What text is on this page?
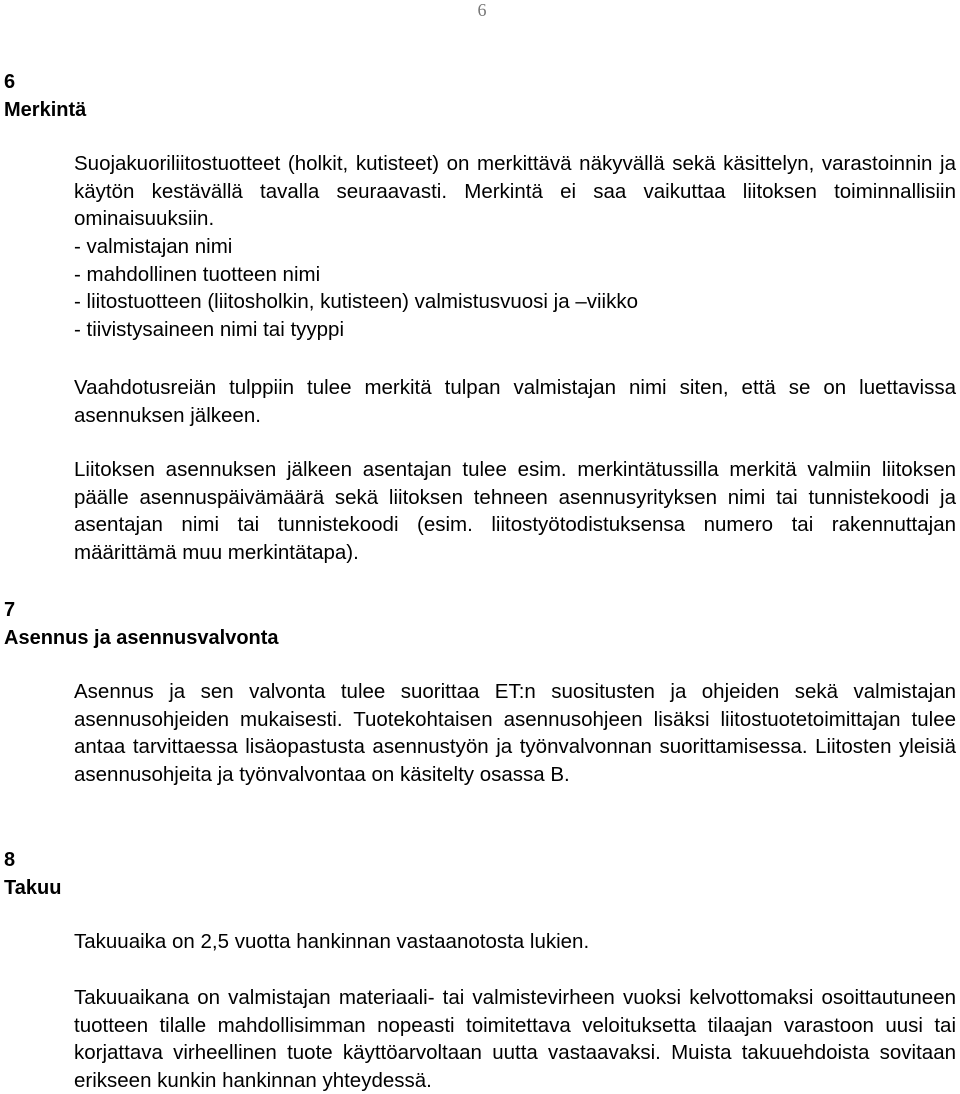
6
6
Merkintä

Suojakuoriliitostuotteet (holkit, kutisteet) on merkittävä näkyvällä sekä käsittelyn, varastoinnin ja käytön kestävällä tavalla seuraavasti. Merkintä ei saa vaikuttaa liitoksen toiminnallisiin ominaisuuksiin.

- valmistajan nimi
- mahdollinen tuotteen nimi
- liitostuotteen (liitosholkin, kutisteen) valmistusvuosi ja –viikko
- tiivistysaineen nimi tai tyyppi

Vaahdotusreiän tulppiin tulee merkitä tulpan valmistajan nimi siten, että se on luettavissa asennuksen jälkeen.

Liitoksen asennuksen jälkeen asentajan tulee esim. merkintätussilla merkitä valmiin liitoksen päälle asennuspäivämäärä sekä liitoksen tehneen asennusyrityksen nimi tai tunnistekoodi ja asentajan nimi tai tunnistekoodi (esim. liitostyötodistuksensa numero tai rakennuttajan määrittämä muu merkintätapa).

7
Asennus ja asennusvalvonta

Asennus ja sen valvonta tulee suorittaa ET:n suositusten ja ohjeiden sekä valmistajan asennusohjeiden mukaisesti. Tuotekohtaisen asennusohjeen lisäksi liitostuotetoimittajan tulee antaa tarvittaessa lisäopastusta asennustyön ja työnvalvonnan suorittamisessa. Liitosten yleisiä asennusohjeita ja työnvalvontaa on käsitelty osassa B.

8
Takuu

Takuuaika on 2,5 vuotta hankinnan vastaanotosta lukien.

Takuuaikana on valmistajan materiaali- tai valmistevirheen vuoksi kelvottomaksi osoittautuneen tuotteen tilalle mahdollisimman nopeasti toimitettava veloituksetta tilaajan varastoon uusi tai korjattava virheellinen tuote käyttöarvoltaan uutta vastaavaksi. Muista takuuehdoista sovitaan erikseen kunkin hankinnan yhteydessä.
